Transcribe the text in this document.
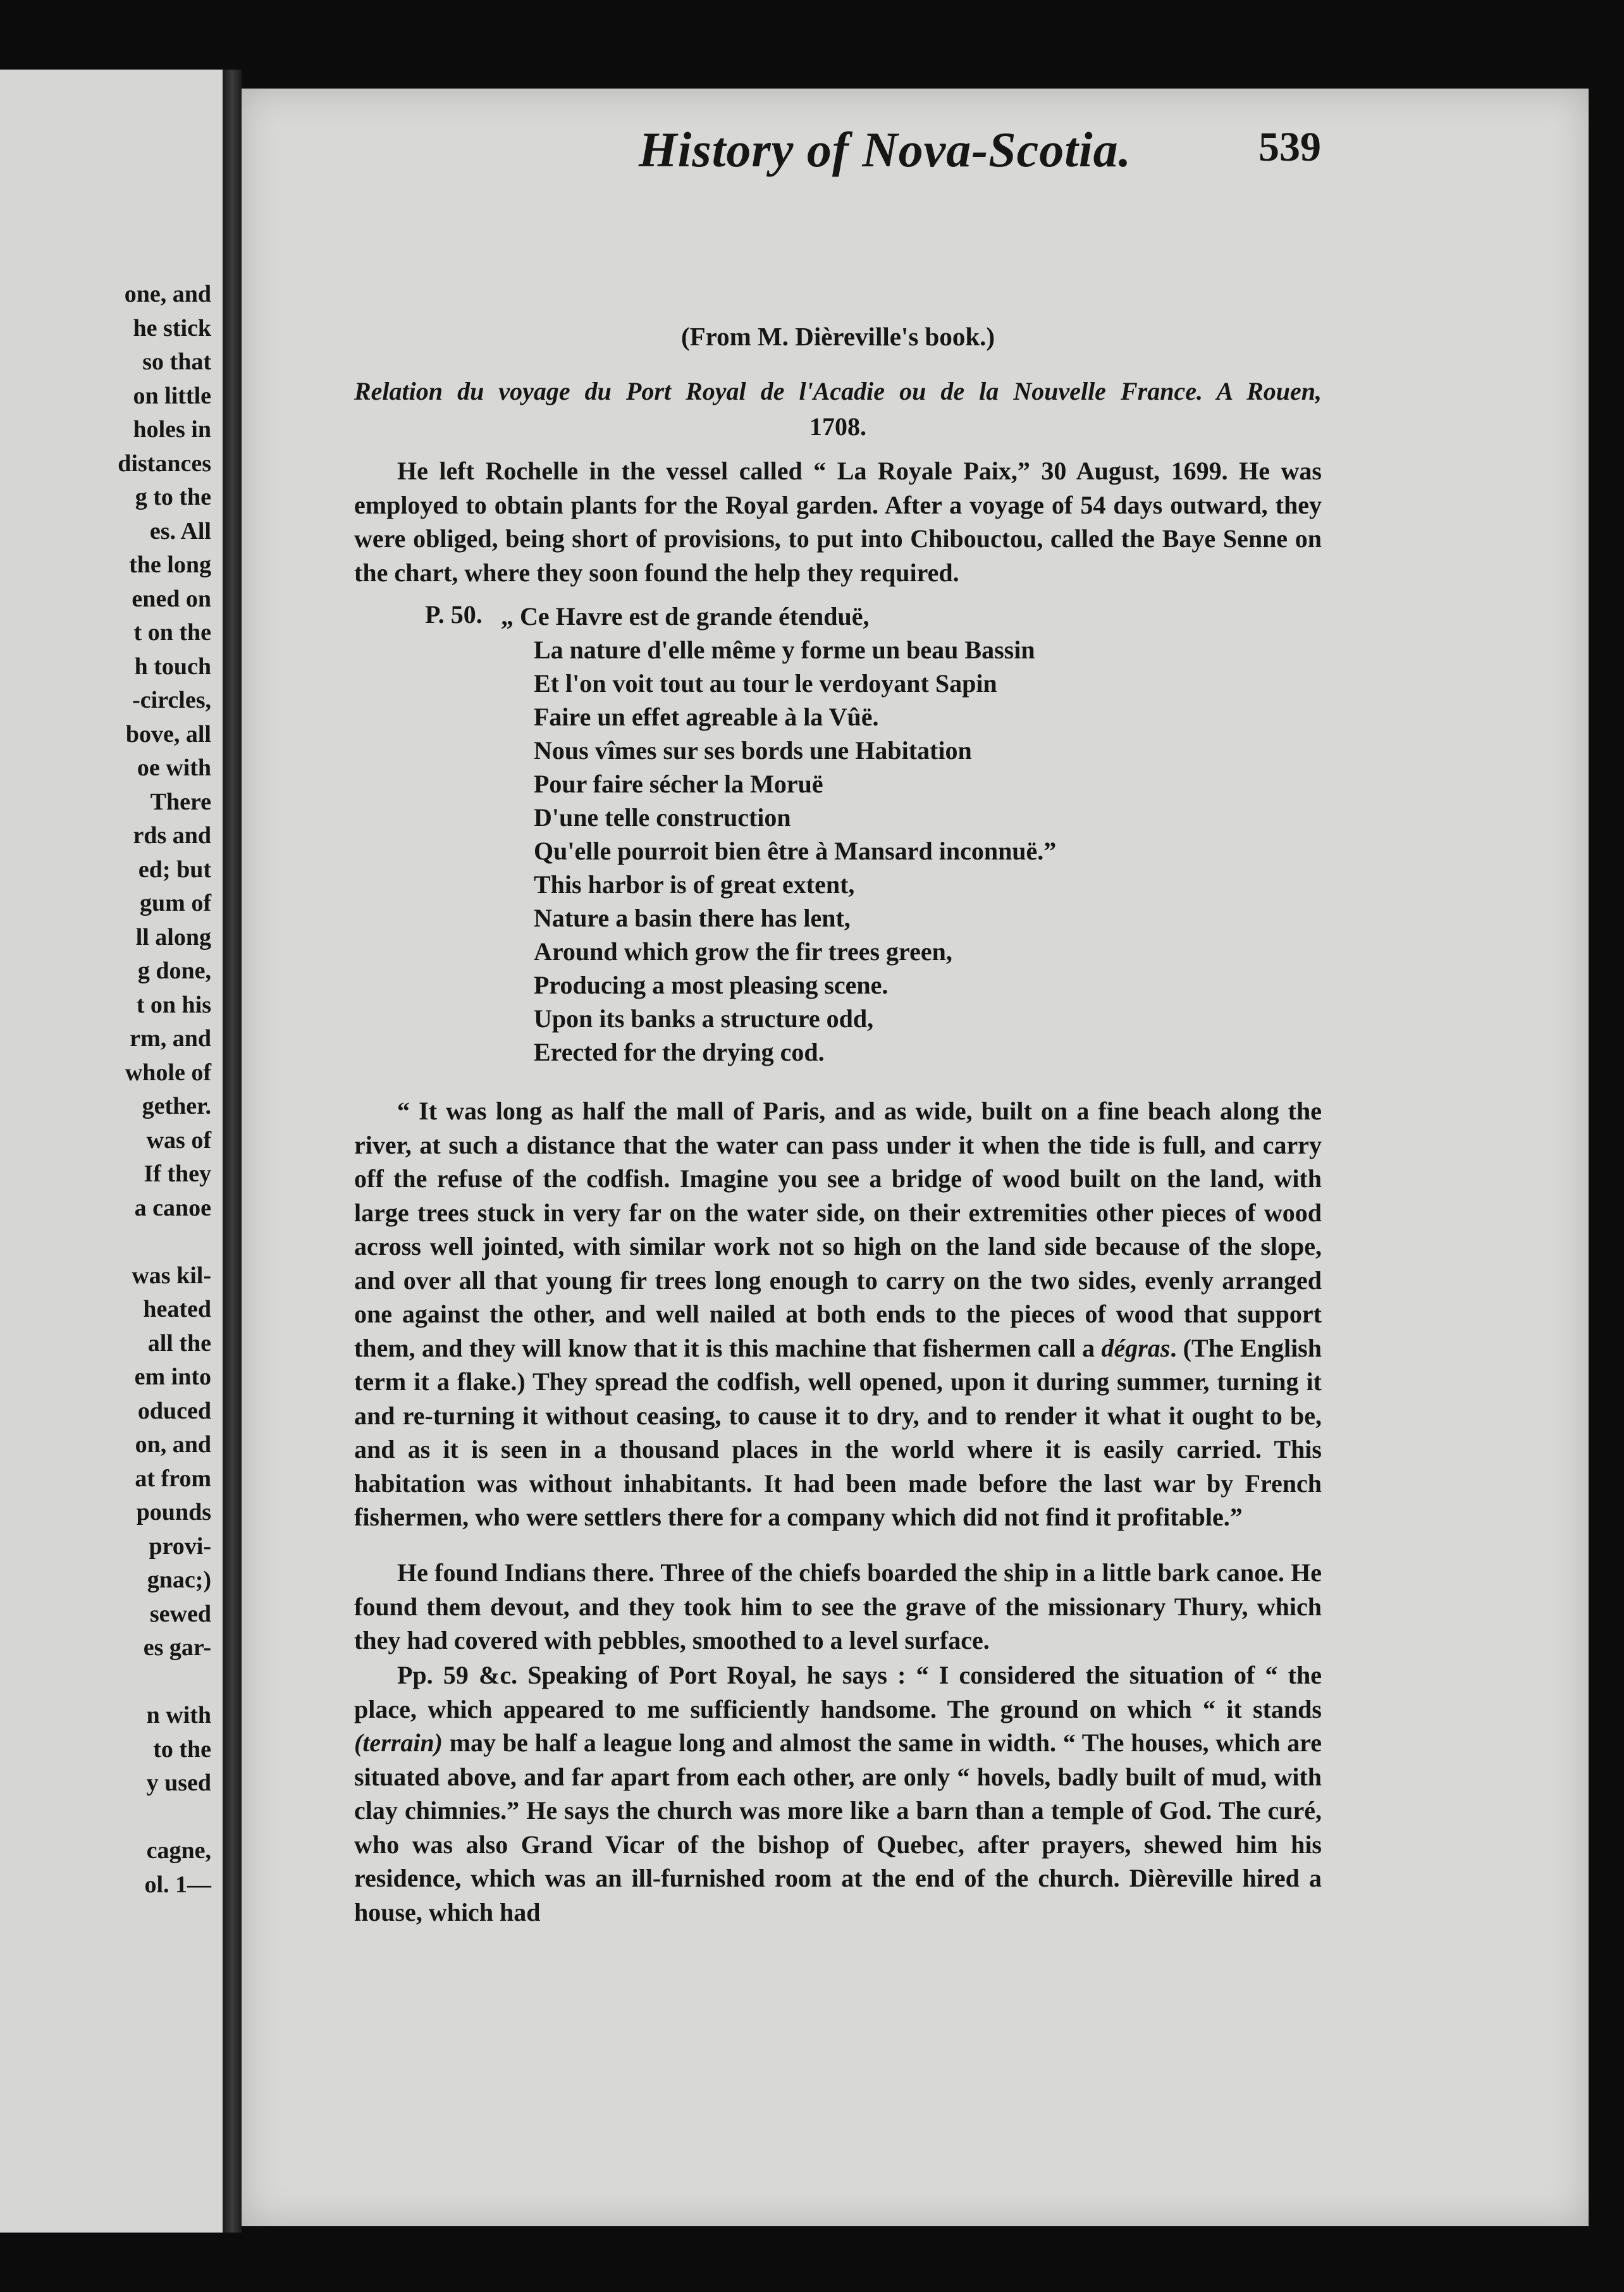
one, and
he stick
so that
on little
holes in
distances
g to the
es. All
the long
ened on
t on the
h touch
-circles,
bove, all
oe with
There
rds and
ed; but
gum of
ll along
g done,
t on his
rm, and
whole of
gether.
was of
If they
a canoe
was kil-
heated
all the
em into
oduced
on, and
at from
pounds
provi-
gnac;)
sewed
es gar-
n with
to the
y used
cagne,
ol. 1—
History of Nova-Scotia.	539
(From M. Dièreville's book.)
Relation du voyage du Port Royal de l'Acadie ou de la Nouvelle France. A Rouen,
1708.
He left Rochelle in the vessel called “ La Royale Paix,” 30 August, 1699. He was employed to obtain plants for the Royal garden. After a voyage of 54 days outward, they were obliged, being short of provisions, to put into Chibouctou, called the Baye Senne on the chart, where they soon found the help they required.
P. 50. „ Ce Havre est de grande étenduë,
La nature d'elle même y forme un beau Bassin
Et l'on voit tout au tour le verdoyant Sapin
Faire un effet agreable à la Vûë.
Nous vîmes sur ses bords une Habitation
Pour faire sécher la Moruë
D'une telle construction
Qu'elle pourroit bien être à Mansard inconnuë.”
This harbor is of great extent,
Nature a basin there has lent,
Around which grow the fir trees green,
Producing a most pleasing scene.
Upon its banks a structure odd,
Erected for the drying cod.
“ It was long as half the mall of Paris, and as wide, built on a fine beach along the river, at such a distance that the water can pass under it when the tide is full, and carry off the refuse of the codfish. Imagine you see a bridge of wood built on the land, with large trees stuck in very far on the water side, on their extremities other pieces of wood across well jointed, with similar work not so high on the land side because of the slope, and over all that young fir trees long enough to carry on the two sides, evenly arranged one against the other, and well nailed at both ends to the pieces of wood that support them, and they will know that it is this machine that fishermen call a dégras. (The English term it a flake.) They spread the codfish, well opened, upon it during summer, turning it and re-turning it without ceasing, to cause it to dry, and to render it what it ought to be, and as it is seen in a thousand places in the world where it is easily carried. This habitation was without inhabitants. It had been made before the last war by French fishermen, who were settlers there for a company which did not find it profitable.”
He found Indians there. Three of the chiefs boarded the ship in a little bark canoe. He found them devout, and they took him to see the grave of the missionary Thury, which they had covered with pebbles, smoothed to a level surface.
Pp. 59 &c. Speaking of Port Royal, he says : “ I considered the situation of “ the place, which appeared to me sufficiently handsome. The ground on which “ it stands (terrain) may be half a league long and almost the same in width. “ The houses, which are situated above, and far apart from each other, are only “ hovels, badly built of mud, with clay chimnies.” He says the church was more like a barn than a temple of God. The curé, who was also Grand Vicar of the bishop of Quebec, after prayers, shewed him his residence, which was an ill-furnished room at the end of the church. Dièreville hired a house, which had
